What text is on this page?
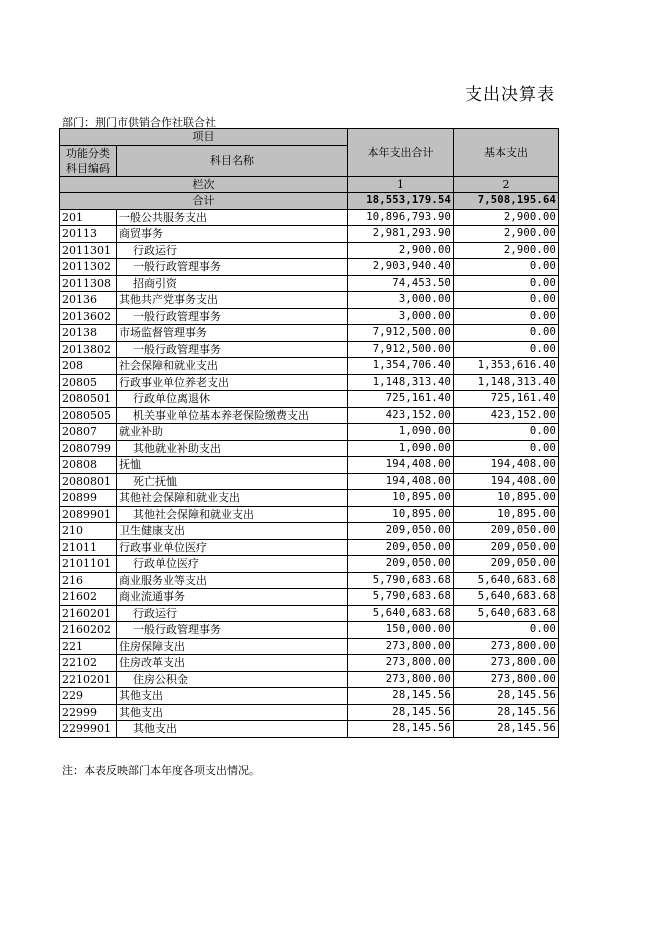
支出决算表
部门：荆门市供销合作社联合社
项目		本年支出合计	基本支出
功能分类科目编码	科目名称		
栏次		1	2
合计		18,553,179.54	7,508,195.64
201	一般公共服务支出	10,896,793.90	2,900.00
20113	商贸事务	2,981,293.90	2,900.00
2011301	行政运行	2,900.00	2,900.00
2011302	一般行政管理事务	2,903,940.40	0.00
2011308	招商引资	74,453.50	0.00
20136	其他共产党事务支出	3,000.00	0.00
2013602	一般行政管理事务	3,000.00	0.00
20138	市场监督管理事务	7,912,500.00	0.00
2013802	一般行政管理事务	7,912,500.00	0.00
208	社会保障和就业支出	1,354,706.40	1,353,616.40
20805	行政事业单位养老支出	1,148,313.40	1,148,313.40
2080501	行政单位离退休	725,161.40	725,161.40
2080505	机关事业单位基本养老保险缴费支出	423,152.00	423,152.00
20807	就业补助	1,090.00	0.00
2080799	其他就业补助支出	1,090.00	0.00
20808	抚恤	194,408.00	194,408.00
2080801	死亡抚恤	194,408.00	194,408.00
20899	其他社会保障和就业支出	10,895.00	10,895.00
2089901	其他社会保障和就业支出	10,895.00	10,895.00
210	卫生健康支出	209,050.00	209,050.00
21011	行政事业单位医疗	209,050.00	209,050.00
2101101	行政单位医疗	209,050.00	209,050.00
216	商业服务业等支出	5,790,683.68	5,640,683.68
21602	商业流通事务	5,790,683.68	5,640,683.68
2160201	行政运行	5,640,683.68	5,640,683.68
2160202	一般行政管理事务	150,000.00	0.00
221	住房保障支出	273,800.00	273,800.00
22102	住房改革支出	273,800.00	273,800.00
2210201	住房公积金	273,800.00	273,800.00
229	其他支出	28,145.56	28,145.56
22999	其他支出	28,145.56	28,145.56
2299901	其他支出	28,145.56	28,145.56
注：本表反映部门本年度各项支出情况。
